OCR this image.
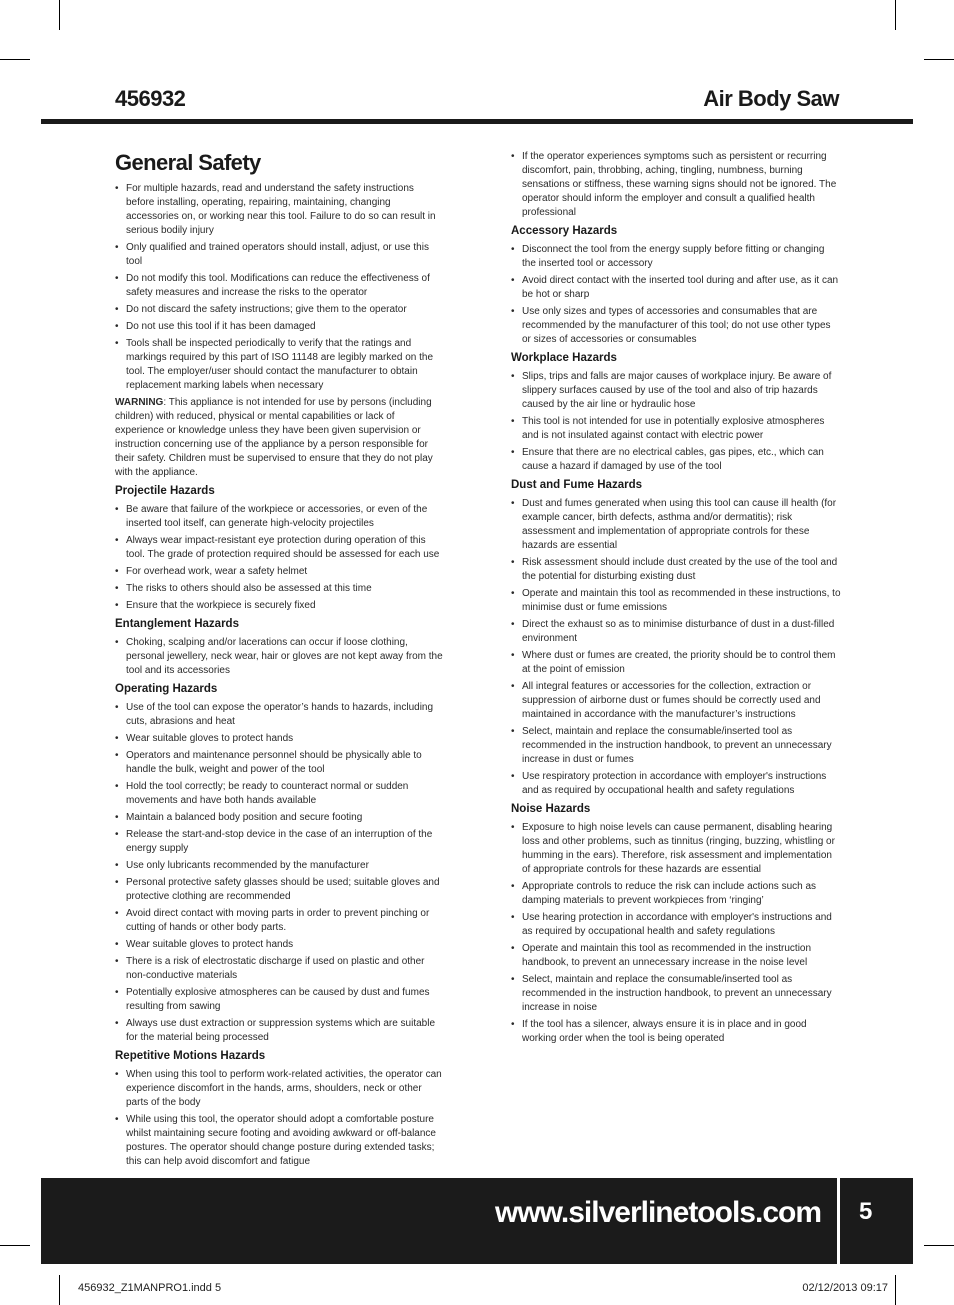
456932	Air Body Saw
General Safety
• For multiple hazards, read and understand the safety instructions before installing, operating, repairing, maintaining, changing accessories on, or working near this tool. Failure to do so can result in serious bodily injury
• Only qualified and trained operators should install, adjust, or use this tool
• Do not modify this tool. Modifications can reduce the effectiveness of safety measures and increase the risks to the operator
• Do not discard the safety instructions; give them to the operator
• Do not use this tool if it has been damaged
• Tools shall be inspected periodically to verify that the ratings and markings required by this part of ISO 11148 are legibly marked on the tool. The employer/user should contact the manufacturer to obtain replacement marking labels when necessary

WARNING: This appliance is not intended for use by persons (including children) with reduced, physical or mental capabilities or lack of experience or knowledge unless they have been given supervision or instruction concerning use of the appliance by a person responsible for their safety. Children must be supervised to ensure that they do not play with the appliance.

Projectile Hazards
• Be aware that failure of the workpiece or accessories, or even of the inserted tool itself, can generate high-velocity projectiles
• Always wear impact-resistant eye protection during operation of this tool. The grade of protection required should be assessed for each use
• For overhead work, wear a safety helmet
• The risks to others should also be assessed at this time
• Ensure that the workpiece is securely fixed
Entanglement Hazards
• Choking, scalping and/or lacerations can occur if loose clothing, personal jewellery, neck wear, hair or gloves are not kept away from the tool and its accessories
Operating Hazards
• Use of the tool can expose the operator’s hands to hazards, including cuts, abrasions and heat
• Wear suitable gloves to protect hands
• Operators and maintenance personnel should be physically able to handle the bulk, weight and power of the tool
• Hold the tool correctly; be ready to counteract normal or sudden movements and have both hands available
• Maintain a balanced body position and secure footing
• Release the start-and-stop device in the case of an interruption of the energy supply
• Use only lubricants recommended by the manufacturer
• Personal protective safety glasses should be used; suitable gloves and protective clothing are recommended
• Avoid direct contact with moving parts in order to prevent pinching or cutting of hands or other body parts.
• Wear suitable gloves to protect hands
• There is a risk of electrostatic discharge if used on plastic and other non-conductive materials
• Potentially explosive atmospheres can be caused by dust and fumes resulting from sawing
• Always use dust extraction or suppression systems which are suitable for the material being processed
Repetitive Motions Hazards
• When using this tool to perform work-related activities, the operator can experience discomfort in the hands, arms, shoulders, neck or other parts of the body
• While using this tool, the operator should adopt a comfortable posture whilst maintaining secure footing and avoiding awkward or off-balance postures. The operator should change posture during extended tasks; this can help avoid discomfort and fatigue
• If the operator experiences symptoms such as persistent or recurring discomfort, pain, throbbing, aching, tingling, numbness, burning sensations or stiffness, these warning signs should not be ignored. The operator should inform the employer and consult a qualified health professional
Accessory Hazards
• Disconnect the tool from the energy supply before fitting or changing the inserted tool or accessory
• Avoid direct contact with the inserted tool during and after use, as it can be hot or sharp
• Use only sizes and types of accessories and consumables that are recommended by the manufacturer of this tool; do not use other types or sizes of accessories or consumables
Workplace Hazards
• Slips, trips and falls are major causes of workplace injury. Be aware of slippery surfaces caused by use of the tool and also of trip hazards caused by the air line or hydraulic hose
• This tool is not intended for use in potentially explosive atmospheres and is not insulated against contact with electric power
• Ensure that there are no electrical cables, gas pipes, etc., which can cause a hazard if damaged by use of the tool
Dust and Fume Hazards
• Dust and fumes generated when using this tool can cause ill health (for example cancer, birth defects, asthma and/or dermatitis); risk assessment and implementation of appropriate controls for these hazards are essential
• Risk assessment should include dust created by the use of the tool and the potential for disturbing existing dust
• Operate and maintain this tool as recommended in these instructions, to minimise dust or fume emissions
• Direct the exhaust so as to minimise disturbance of dust in a dust-filled environment
• Where dust or fumes are created, the priority should be to control them at the point of emission
• All integral features or accessories for the collection, extraction or suppression of airborne dust or fumes should be correctly used and maintained in accordance with the manufacturer’s instructions
• Select, maintain and replace the consumable/inserted tool as recommended in the instruction handbook, to prevent an unnecessary increase in dust or fumes
• Use respiratory protection in accordance with employer's instructions and as required by occupational health and safety regulations
Noise Hazards
• Exposure to high noise levels can cause permanent, disabling hearing loss and other problems, such as tinnitus (ringing, buzzing, whistling or humming in the ears). Therefore, risk assessment and implementation of appropriate controls for these hazards are essential
• Appropriate controls to reduce the risk can include actions such as damping materials to prevent workpieces from ‘ringing’
• Use hearing protection in accordance with employer's instructions and as required by occupational health and safety regulations
• Operate and maintain this tool as recommended in the instruction handbook, to prevent an unnecessary increase in the noise level
• Select, maintain and replace the consumable/inserted tool as recommended in the instruction handbook, to prevent an unnecessary increase in noise
• If the tool has a silencer, always ensure it is in place and in good working order when the tool is being operated
www.silverlinetools.com 5
456932_Z1MANPRO1.indd 5	02/12/2013 09:17
